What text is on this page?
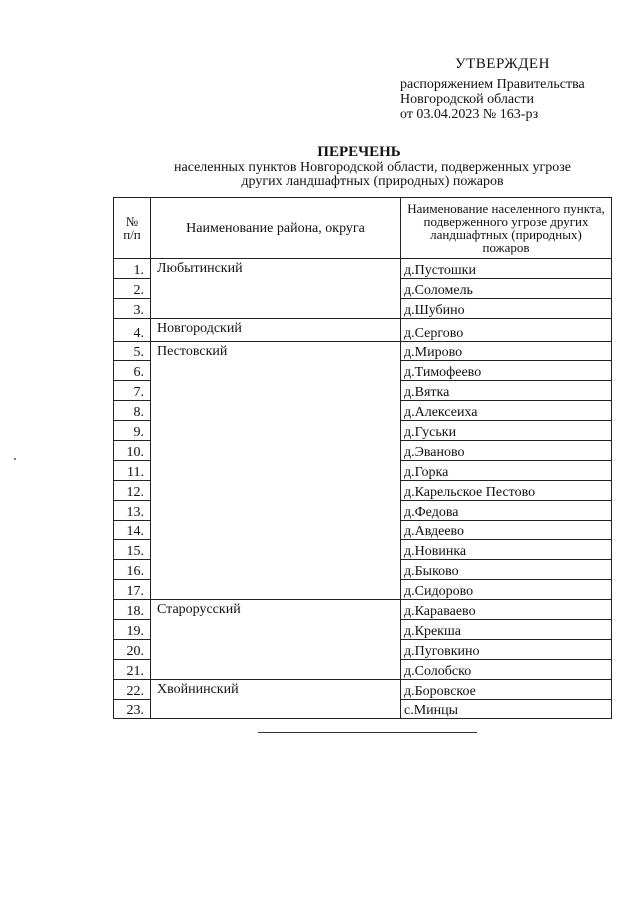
УТВЕРЖДЕН
распоряжением Правительства
Новгородской области
от 03.04.2023 № 163-рз
ПЕРЕЧЕНЬ
населенных пунктов Новгородской области, подверженных угрозе
других ландшафтных (природных) пожаров
№ п/п	Наименование района, округа	Наименование населенного пункта, подверженного угрозе других ландшафтных (природных) пожаров
1.	Любытинский	д.Пустошки
2.		д.Соломель
3.		д.Шубино
4.	Новгородский	д.Сергово
5.	Пестовский	д.Мирово
6.		д.Тимофеево
7.		д.Вятка
8.		д.Алексеиха
9.		д.Гуськи
10.		д.Эваново
11.		д.Горка
12.		д.Карельское Пестово
13.		д.Федова
14.		д.Авдеево
15.		д.Новинка
16.		д.Быково
17.		д.Сидорово
18.	Старорусский	д.Караваево
19.		д.Крекша
20.		д.Пуговкино
21.		д.Солобско
22.	Хвойнинский	д.Боровское
23.		с.Минцы
